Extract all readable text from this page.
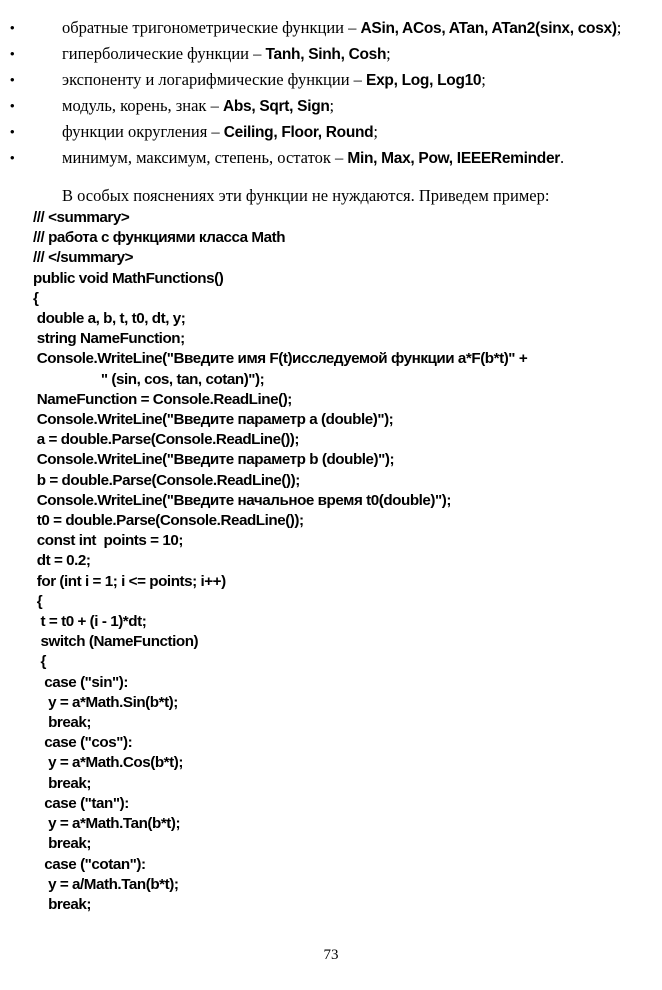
•	обратные тригонометрические функции – ASin, ACos, ATan, ATan2(sinx, cosx);
•	гиперболические функции – Tanh, Sinh, Cosh;
•	экспоненту и логарифмические функции – Exp, Log, Log10;
•	модуль, корень, знак – Abs, Sqrt, Sign;
•	функции округления – Ceiling, Floor, Round;
•	минимум, максимум, степень, остаток – Min, Max, Pow, IEEEReminder.
В особых пояснениях эти функции не нуждаются. Приведем пример:
/// <summary>
/// работа с функциями класса Math
/// </summary>
public void MathFunctions()
{
double a, b, t, t0, dt, y;
string NameFunction;
Console.WriteLine("Введите имя F(t)исследуемой функции a*F(b*t)" +
" (sin, cos, tan, cotan)");
NameFunction = Console.ReadLine();
Console.WriteLine("Введите параметр a (double)");
a = double.Parse(Console.ReadLine());
Console.WriteLine("Введите параметр b (double)");
b = double.Parse(Console.ReadLine());
Console.WriteLine("Введите начальное время t0(double)");
t0 = double.Parse(Console.ReadLine());
const int  points = 10;
dt = 0.2;
for (int i = 1; i <= points; i++)
{
t = t0 + (i - 1)*dt;
switch (NameFunction)
{
case ("sin"):
y = a*Math.Sin(b*t);
break;
case ("cos"):
y = a*Math.Cos(b*t);
break;
case ("tan"):
y = a*Math.Tan(b*t);
break;
case ("cotan"):
y = a/Math.Tan(b*t);
break;
73
